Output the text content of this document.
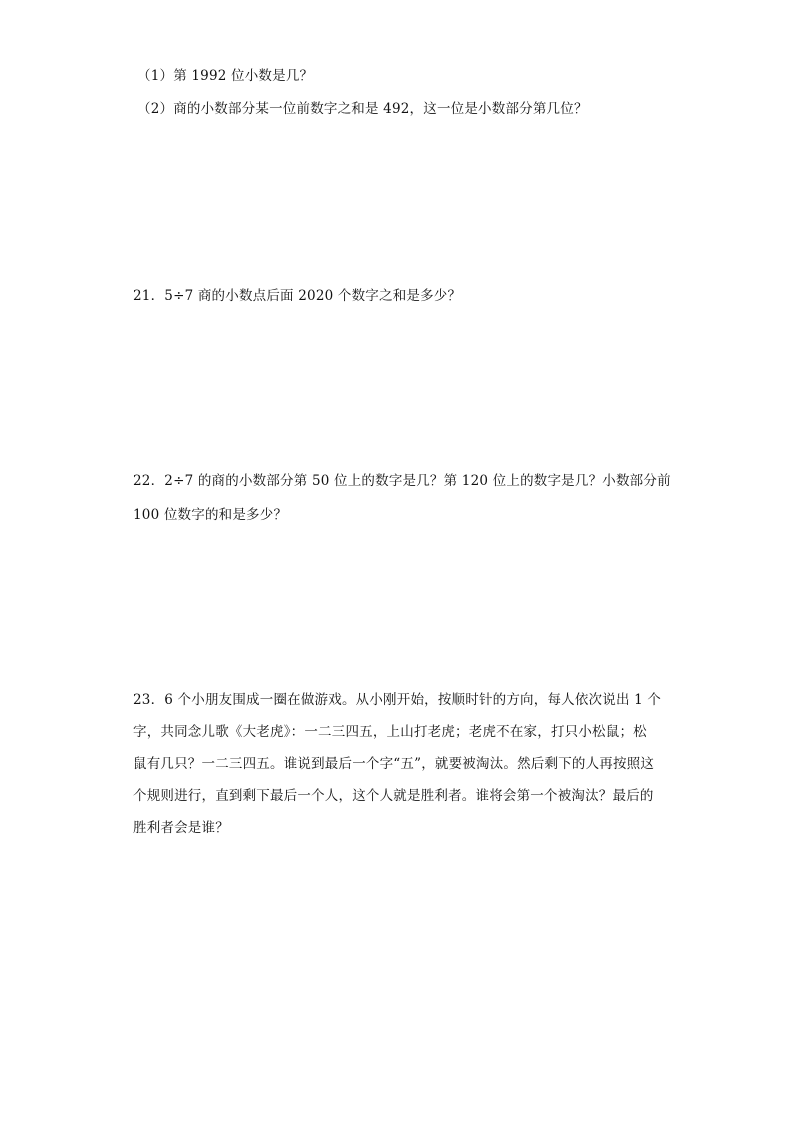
（1）第 1992 位小数是几？
（2）商的小数部分某一位前数字之和是 492，这一位是小数部分第几位？
21．5÷7 商的小数点后面 2020 个数字之和是多少？
22．2÷7 的商的小数部分第 50 位上的数字是几？第 120 位上的数字是几？小数部分前
100 位数字的和是多少？
23．6 个小朋友围成一圈在做游戏。从小刚开始，按顺时针的方向，每人依次说出 1 个
字，共同念儿歌《大老虎》：一二三四五，上山打老虎；老虎不在家，打只小松鼠；松
鼠有几只？一二三四五。谁说到最后一个字“五”，就要被淘汰。然后剩下的人再按照这
个规则进行，直到剩下最后一个人，这个人就是胜利者。谁将会第一个被淘汰？最后的
胜利者会是谁？
